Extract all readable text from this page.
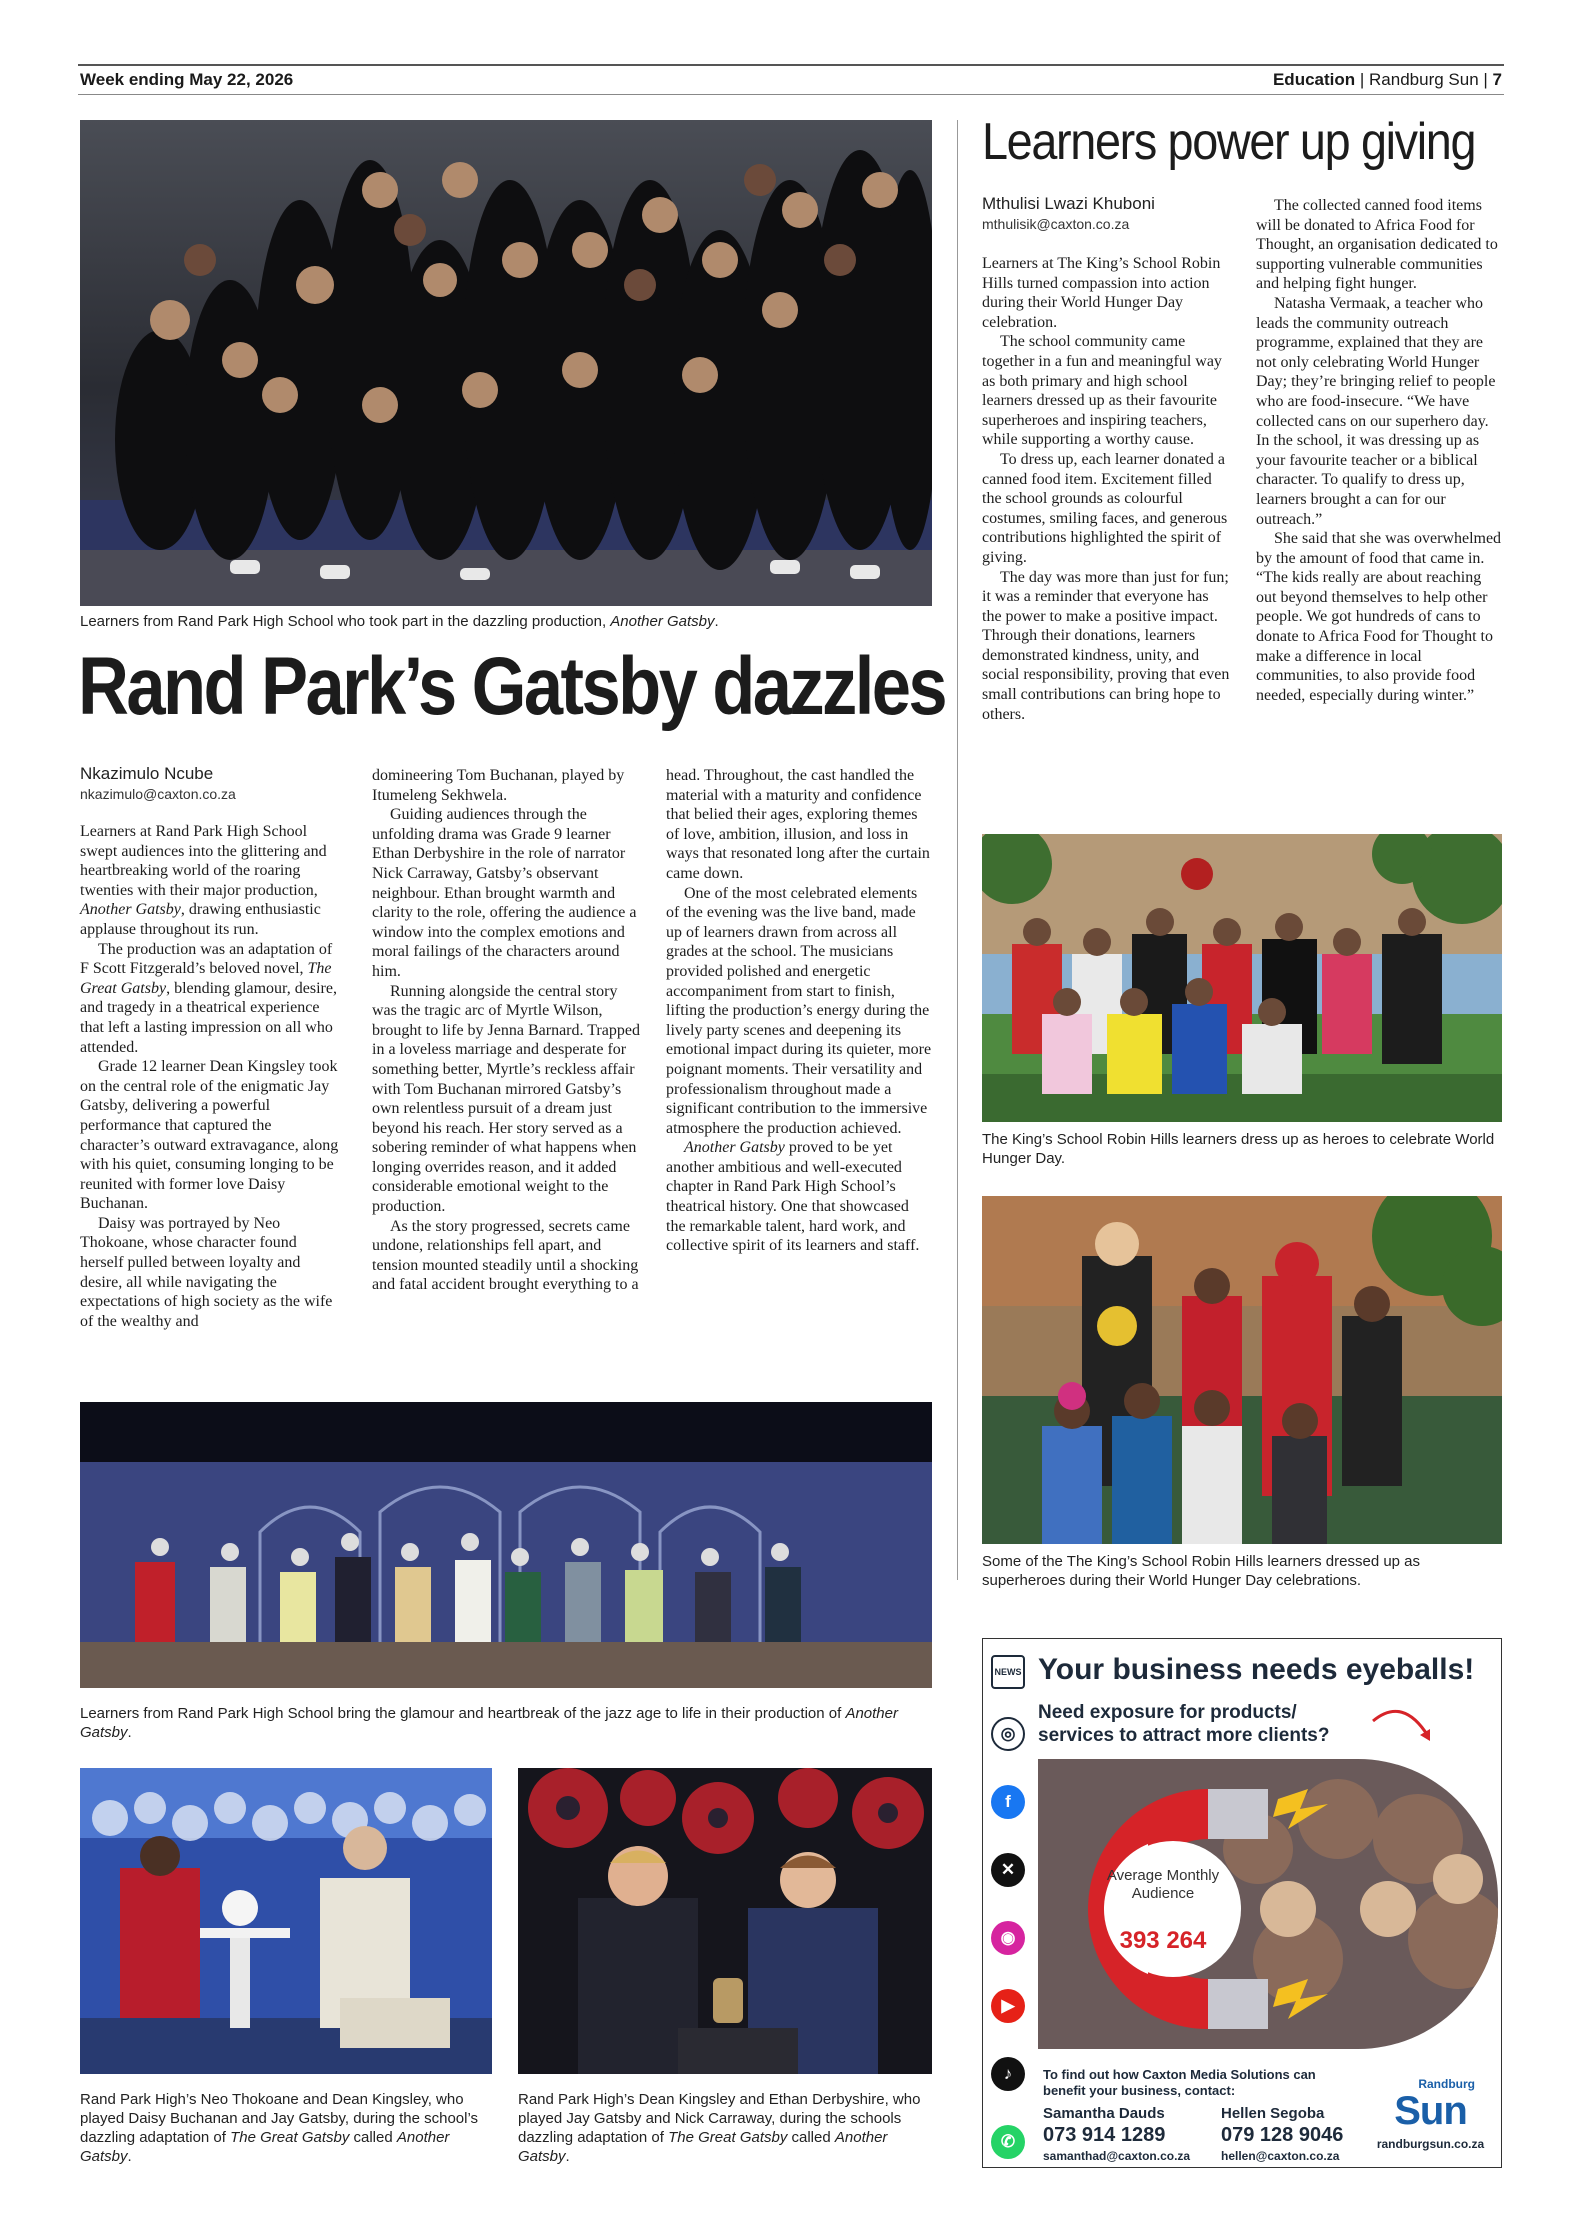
Week ending May 22, 2026	Education | Randburg Sun | 7
Learners from Rand Park High School who took part in the dazzling production, Another Gatsby.
Rand Park’s Gatsby dazzles
Nkazimulo Ncube
nkazimulo@caxton.co.za

Learners at Rand Park High School swept audiences into the glittering and heartbreaking world of the roaring twenties with their major production, Another Gatsby, drawing enthusiastic applause throughout its run.

The production was an adaptation of F Scott Fitzgerald’s beloved novel, The Great Gatsby, blending glamour, desire, and tragedy in a theatrical experience that left a lasting impression on all who attended.

Grade 12 learner Dean Kingsley took on the central role of the enigmatic Jay Gatsby, delivering a powerful performance that captured the character’s outward extravagance, along with his quiet, consuming longing to be reunited with former love Daisy Buchanan.

Daisy was portrayed by Neo Thokoane, whose character found herself pulled between loyalty and desire, all while navigating the expectations of high society as the wife of the wealthy and

domineering Tom Buchanan, played by Itumeleng Sekhwela.

Guiding audiences through the unfolding drama was Grade 9 learner Ethan Derbyshire in the role of narrator Nick Carraway, Gatsby’s observant neighbour. Ethan brought warmth and clarity to the role, offering the audience a window into the complex emotions and moral failings of the characters around him.

Running alongside the central story was the tragic arc of Myrtle Wilson, brought to life by Jenna Barnard. Trapped in a loveless marriage and desperate for something better, Myrtle’s reckless affair with Tom Buchanan mirrored Gatsby’s own relentless pursuit of a dream just beyond his reach. Her story served as a sobering reminder of what happens when longing overrides reason, and it added considerable emotional weight to the production.

As the story progressed, secrets came undone, relationships fell apart, and tension mounted steadily until a shocking and fatal accident brought everything to a

head. Throughout, the cast handled the material with a maturity and confidence that belied their ages, exploring themes of love, ambition, illusion, and loss in ways that resonated long after the curtain came down.

One of the most celebrated elements of the evening was the live band, made up of learners drawn from across all grades at the school. The musicians provided polished and energetic accompaniment from start to finish, lifting the production’s energy during the lively party scenes and deepening its emotional impact during its quieter, more poignant moments. Their versatility and professionalism throughout made a significant contribution to the immersive atmosphere the production achieved.

Another Gatsby proved to be yet another ambitious and well-executed chapter in Rand Park High School’s theatrical history. One that showcased the remarkable talent, hard work, and collective spirit of its learners and staff.

Learners from Rand Park High School bring the glamour and heartbreak of the jazz age to life in their production of Another Gatsby.
Rand Park High’s Neo Thokoane and Dean Kingsley, who played Daisy Buchanan and Jay Gatsby, during the school’s dazzling adaptation of The Great Gatsby called Another Gatsby.
Rand Park High’s Dean Kingsley and Ethan Derbyshire, who played Jay Gatsby and Nick Carraway, during the schools dazzling adaptation of The Great Gatsby called Another Gatsby.
Learners power up giving
Mthulisi Lwazi Khuboni
mthulisik@caxton.co.za

Learners at The King’s School Robin Hills turned compassion into action during their World Hunger Day celebration.

The school community came together in a fun and meaningful way as both primary and high school learners dressed up as their favourite superheroes and inspiring teachers, while supporting a worthy cause.

To dress up, each learner donated a canned food item. Excitement filled the school grounds as colourful costumes, smiling faces, and generous contributions highlighted the spirit of giving.

The day was more than just for fun; it was a reminder that everyone has the power to make a positive impact. Through their donations, learners demonstrated kindness, unity, and social responsibility, proving that even small contributions can bring hope to others.

The collected canned food items will be donated to Africa Food for Thought, an organisation dedicated to supporting vulnerable communities and helping fight hunger.

Natasha Vermaak, a teacher who leads the community outreach programme, explained that they are not only celebrating World Hunger Day; they’re bringing relief to people who are food-insecure. “We have collected cans on our superhero day. In the school, it was dressing up as your favourite teacher or a biblical character. To qualify to dress up, learners brought a can for our outreach.”

She said that she was overwhelmed by the amount of food that came in. “The kids really are about reaching out beyond themselves to help other people. We got hundreds of cans to donate to Africa Food for Thought to make a difference in local communities, to also provide food needed, especially during winter.”

The King’s School Robin Hills learners dress up as heroes to celebrate World Hunger Day.
Some of the The King’s School Robin Hills learners dressed up as superheroes during their World Hunger Day celebrations.
NEWS
◎
f
✕
◉
▶
♪
✆
Your business needs eyeballs!
Need exposure for products/ services to attract more clients?
Average Monthly Audience
393 264
To find out how Caxton Media Solutions can benefit your business, contact:
Samantha Dauds
073 914 1289
samanthad@caxton.co.za
Hellen Segoba
079 128 9046
hellen@caxton.co.za
Randburg
Sun
randburgsun.co.za
